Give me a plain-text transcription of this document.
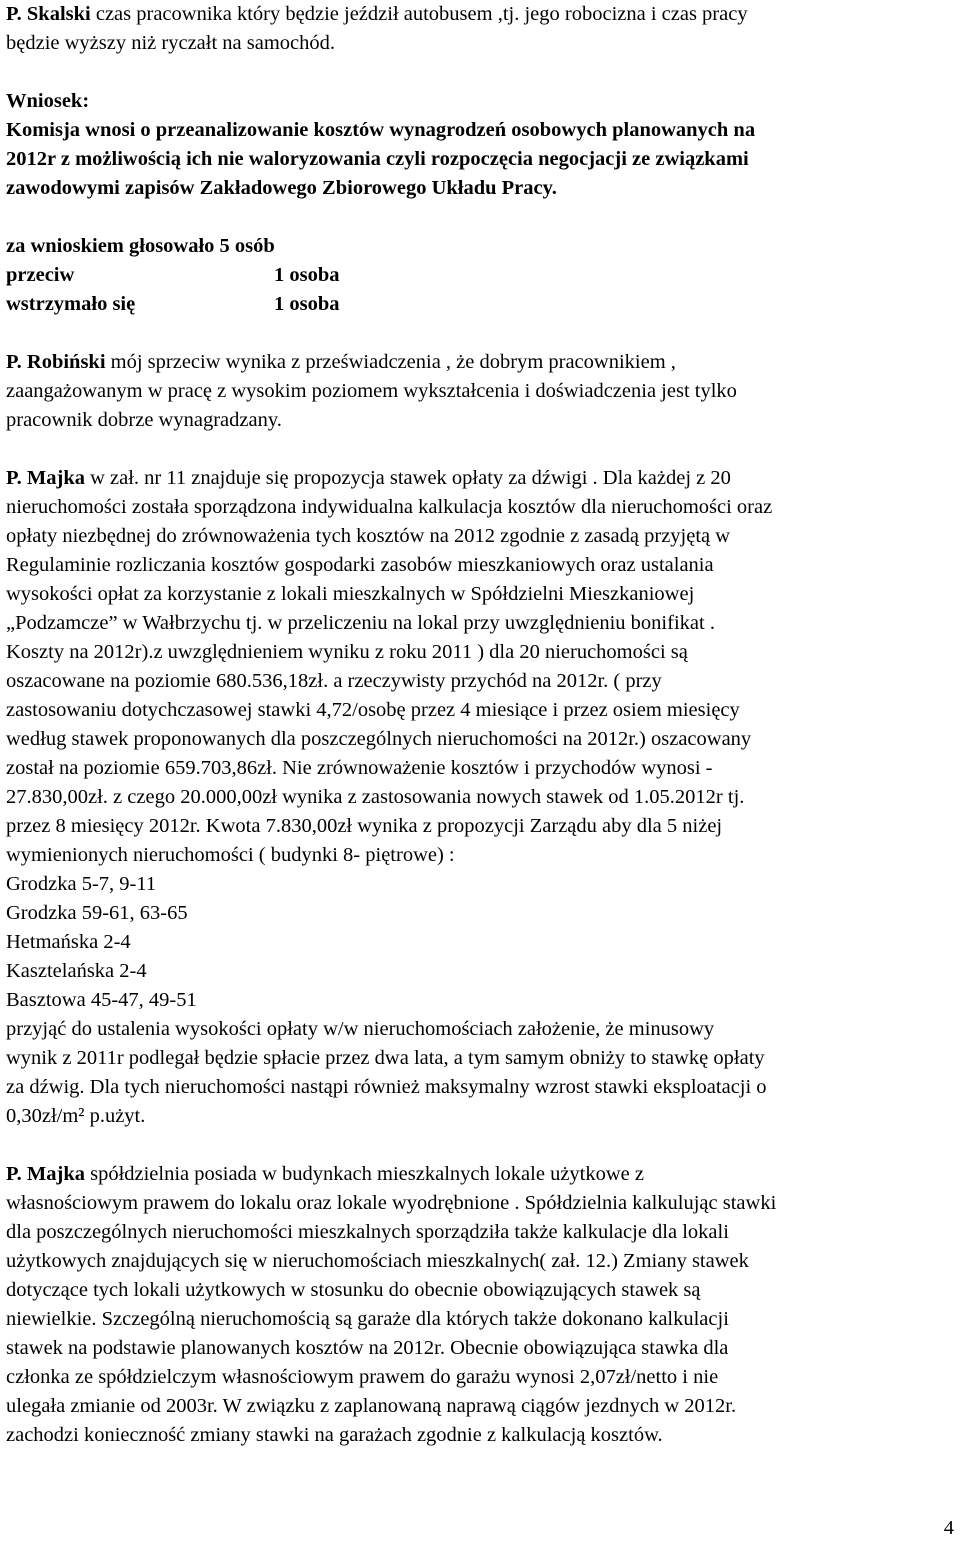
P. Skalski czas pracownika który będzie jeździł autobusem ,tj. jego robocizna i czas pracy
będzie wyższy niż ryczałt na samochód.
Wniosek:
Komisja wnosi o przeanalizowanie kosztów wynagrodzeń osobowych planowanych na
2012r z możliwością ich nie waloryzowania czyli rozpoczęcia negocjacji ze związkami
zawodowymi zapisów Zakładowego Zbiorowego Układu Pracy.
za wnioskiem głosowało 5 osób
przeciw	1 osoba
wstrzymało się	1 osoba
P. Robiński mój sprzeciw wynika z przeświadczenia , że dobrym pracownikiem ,
zaangażowanym w pracę z wysokim poziomem wykształcenia i doświadczenia jest tylko
pracownik dobrze wynagradzany.
P. Majka w zał. nr 11 znajduje się propozycja stawek opłaty za dźwigi . Dla każdej z 20
nieruchomości została sporządzona indywidualna kalkulacja kosztów dla nieruchomości oraz
opłaty niezbędnej do zrównoważenia tych kosztów na 2012 zgodnie z zasadą przyjętą w
Regulaminie rozliczania kosztów gospodarki zasobów mieszkaniowych oraz ustalania
wysokości opłat za korzystanie z lokali mieszkalnych w Spółdzielni Mieszkaniowej
„Podzamcze” w Wałbrzychu tj. w przeliczeniu na lokal przy uwzględnieniu bonifikat .
Koszty na 2012r).z uwzględnieniem wyniku z roku 2011 ) dla 20 nieruchomości są
oszacowane na poziomie 680.536,18zł. a rzeczywisty przychód na 2012r. ( przy
zastosowaniu dotychczasowej stawki 4,72/osobę przez 4 miesiące i przez osiem miesięcy
według stawek proponowanych dla poszczególnych nieruchomości na 2012r.) oszacowany
został na poziomie 659.703,86zł. Nie zrównoważenie kosztów i przychodów wynosi -
27.830,00zł. z czego 20.000,00zł wynika z zastosowania nowych stawek od 1.05.2012r tj.
przez 8 miesięcy 2012r. Kwota 7.830,00zł wynika z propozycji Zarządu aby dla 5 niżej
wymienionych nieruchomości ( budynki 8- piętrowe) :
Grodzka 5-7, 9-11
Grodzka 59-61, 63-65
Hetmańska 2-4
Kasztelańska 2-4
Basztowa 45-47, 49-51
przyjąć do ustalenia wysokości opłaty w/w nieruchomościach założenie, że minusowy
wynik z 2011r podlegał będzie spłacie przez dwa lata, a tym samym obniży to stawkę opłaty
za dźwig. Dla tych nieruchomości nastąpi również maksymalny wzrost stawki eksploatacji o
0,30zł/m² p.użyt.
P. Majka spółdzielnia posiada w budynkach mieszkalnych lokale użytkowe z
własnościowym prawem do lokalu oraz lokale wyodrębnione . Spółdzielnia kalkulując stawki
dla poszczególnych nieruchomości mieszkalnych sporządziła także kalkulacje dla lokali
użytkowych znajdujących się w nieruchomościach mieszkalnych( zał. 12.) Zmiany stawek
dotyczące tych lokali użytkowych w stosunku do obecnie obowiązujących stawek są
niewielkie. Szczególną nieruchomością są garaże dla których także dokonano kalkulacji
stawek na podstawie planowanych kosztów na 2012r. Obecnie obowiązująca stawka dla
członka ze spółdzielczym własnościowym prawem do garażu wynosi 2,07zł/netto i nie
ulegała zmianie od 2003r. W związku z zaplanowaną naprawą ciągów jezdnych w 2012r.
zachodzi konieczność zmiany stawki na garażach zgodnie z kalkulacją kosztów.
4
